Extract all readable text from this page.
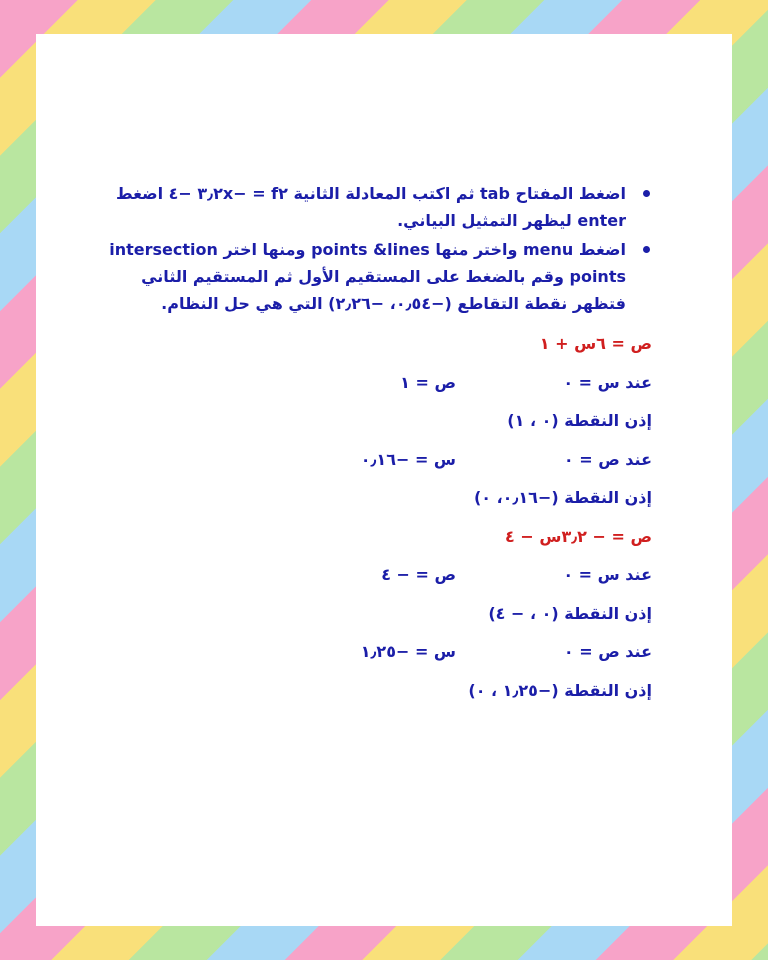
اضغط المفتاح tab ثم اكتب المعادلة الثانية f٢ = −٣٫٢x −٤ اضغط enter ليظهر التمثيل البياني.
اضغط menu واختر منها points &lines ومنها اختر intersection points وقم بالضغط على المستقيم الأول ثم المستقيم الثاني فتظهر نقطة التقاطع (−٠٫٥٤، −٢٫٢٦) التي هي حل النظام.
ص = ٦س + ١
عند س = ٠
ص = ١
إذن النقطة (٠ ، ١)
عند ص = ٠
س = −٠٫١٦
إذن النقطة (−٠٫١٦، ٠)
ص = − ٣٫٢س − ٤
عند س = ٠
ص = − ٤
إذن النقطة (٠ ، − ٤)
عند ص = ٠
س = −١٫٢٥
إذن النقطة (−١٫٢٥ ، ٠)
